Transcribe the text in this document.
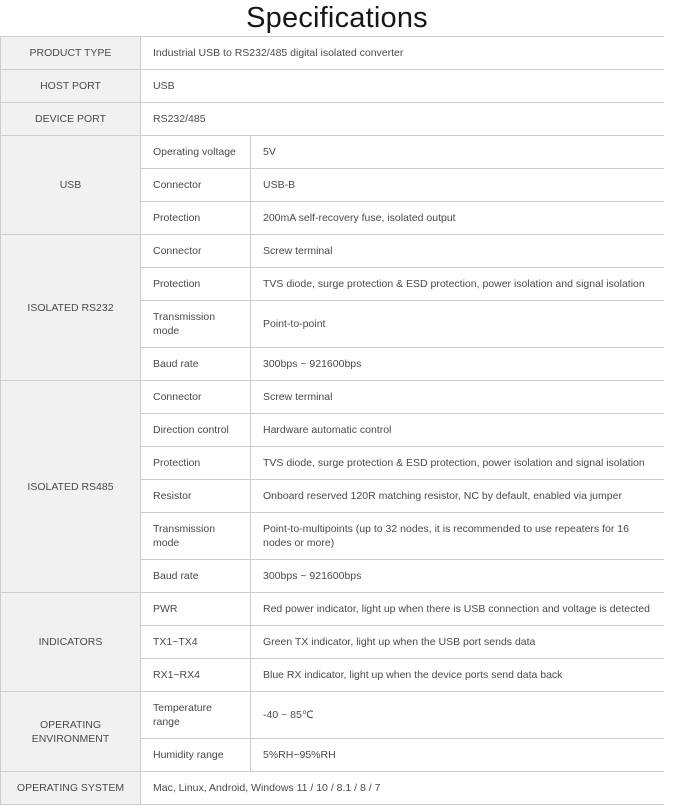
Specifications
PRODUCT TYPE	Industrial USB to RS232/485 digital isolated converter	
HOST PORT	USB	
DEVICE PORT	RS232/485	
USB	Operating voltage	5V
	Connector	USB-B
	Protection	200mA self-recovery fuse, isolated output
ISOLATED RS232	Connector	Screw terminal
	Protection	TVS diode, surge protection & ESD protection, power isolation and signal isolation
	Transmission mode	Point-to-point
	Baud rate	300bps ~ 921600bps
ISOLATED RS485	Connector	Screw terminal
	Direction control	Hardware automatic control
	Protection	TVS diode, surge protection & ESD protection, power isolation and signal isolation
	Resistor	Onboard reserved 120R matching resistor, NC by default, enabled via jumper
	Transmission mode	Point-to-multipoints (up to 32 nodes, it is recommended to use repeaters for 16 nodes or more)
	Baud rate	300bps ~ 921600bps
INDICATORS	PWR	Red power indicator, light up when there is USB connection and voltage is detected
	TX1~TX4	Green TX indicator, light up when the USB port sends data
	RX1~RX4	Blue RX indicator, light up when the device ports send data back
OPERATING ENVIRONMENT	Temperature range	-40 ~ 85℃
	Humidity range	5%RH~95%RH
OPERATING SYSTEM	Mac, Linux, Android, Windows 11 / 10 / 8.1 / 8 / 7	
